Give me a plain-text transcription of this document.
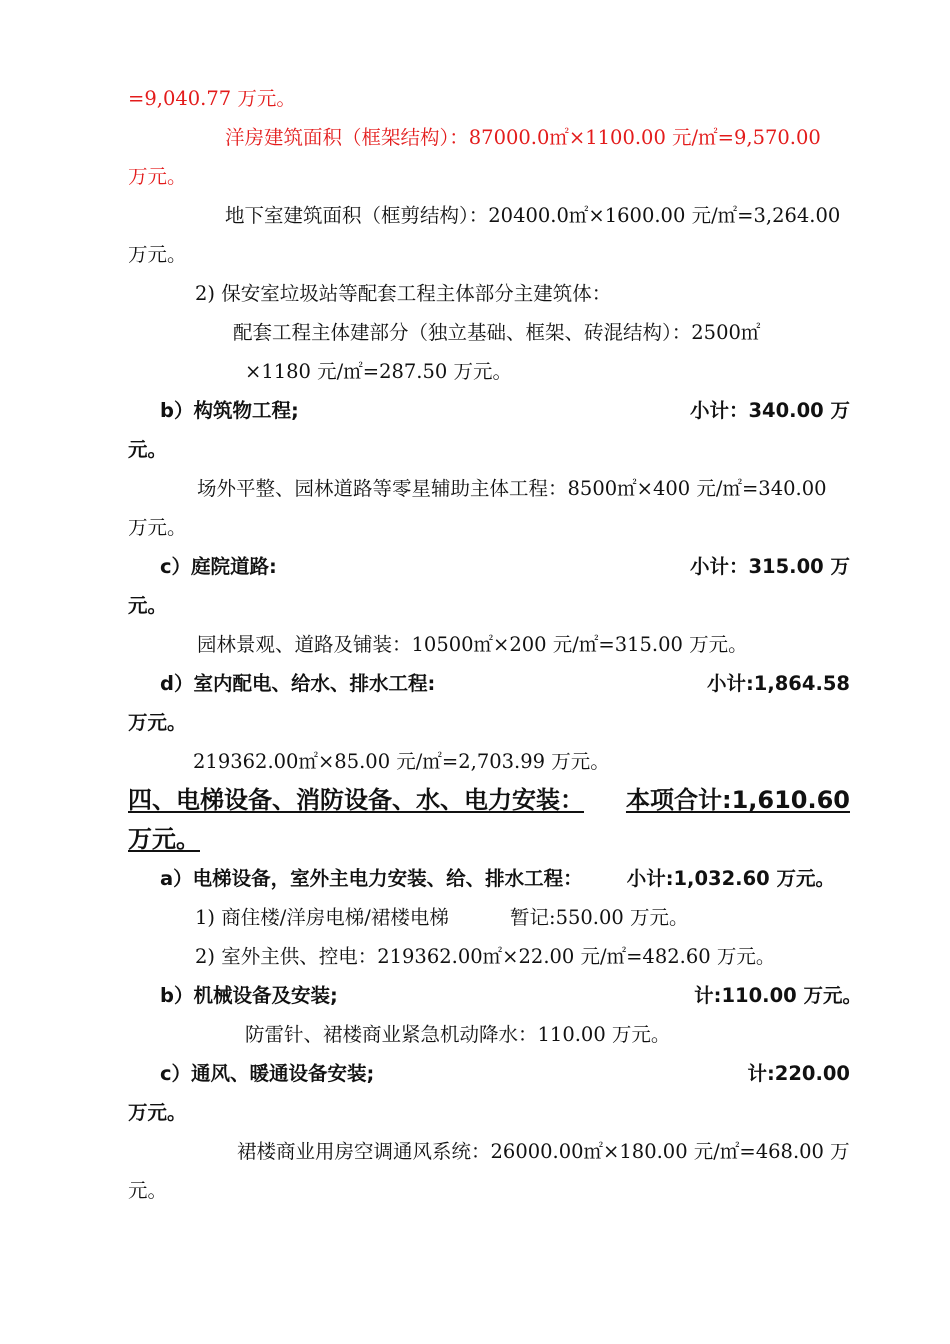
=9,040.77 万元。
洋房建筑面积（框架结构）：87000.0㎡×1100.00 元/㎡=9,570.00
万元。
地下室建筑面积（框剪结构）：20400.0㎡×1600.00 元/㎡=3,264.00
万元。
2) 保安室垃圾站等配套工程主体部分主建筑体：
配套工程主体建部分（独立基础、框架、砖混结构）：2500㎡
×1180 元/㎡=287.50 万元。
b）构筑物工程;	小计：340.00 万
元。
场外平整、园林道路等零星辅助主体工程：8500㎡×400 元/㎡=340.00
万元。
c）庭院道路:	小计：315.00 万
元。
园林景观、道路及铺装：10500㎡×200 元/㎡=315.00 万元。
d）室内配电、给水、排水工程:	小计:1,864.58
万元。
219362.00㎡×85.00 元/㎡=2,703.99 万元。
四、电梯设备、消防设备、水、电力安装： 本项合计:1,610.60
万元。
a）电梯设备，室外主电力安装、给、排水工程： 小计:1,032.60 万元。
1) 商住楼/洋房电梯/裙楼电梯	暂记:550.00 万元。
2) 室外主供、控电：219362.00㎡×22.00 元/㎡=482.60 万元。
b）机械设备及安装;	计:110.00 万元。
防雷针、裙楼商业紧急机动降水：110.00 万元。
c）通风、暖通设备安装;	计:220.00
万元。
裙楼商业用房空调通风系统：26000.00㎡×180.00 元/㎡=468.00 万
元。
